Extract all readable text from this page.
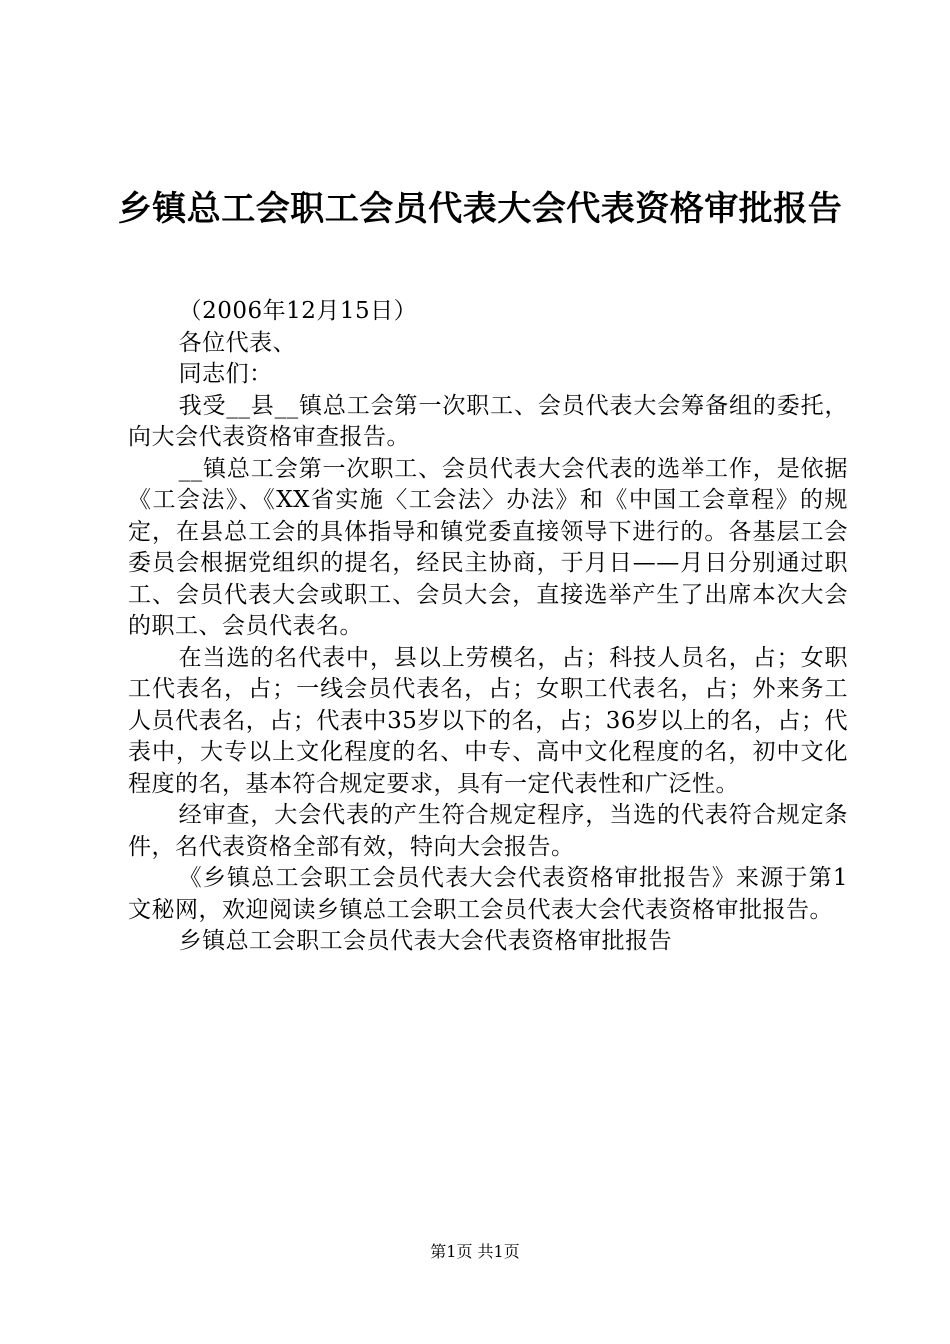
乡镇总工会职工会员代表大会代表资格审批报告

（2006年12月15日）

各位代表、

同志们：

我受__县__镇总工会第一次职工、会员代表大会筹备组的委托，向大会代表资格审查报告。

__镇总工会第一次职工、会员代表大会代表的选举工作，是依据《工会法》、《XX省实施〈工会法〉办法》和《中国工会章程》的规定，在县总工会的具体指导和镇党委直接领导下进行的。各基层工会委员会根据党组织的提名，经民主协商，于月日——月日分别通过职工、会员代表大会或职工、会员大会，直接选举产生了出席本次大会的职工、会员代表名。

在当选的名代表中，县以上劳模名，占；科技人员名，占；女职工代表名，占；一线会员代表名，占；女职工代表名，占；外来务工人员代表名，占；代表中35岁以下的名，占；36岁以上的名，占；代表中，大专以上文化程度的名、中专、高中文化程度的名，初中文化程度的名，基本符合规定要求，具有一定代表性和广泛性。

经审查，大会代表的产生符合规定程序，当选的代表符合规定条件，名代表资格全部有效，特向大会报告。

《乡镇总工会职工会员代表大会代表资格审批报告》来源于第1文秘网，欢迎阅读乡镇总工会职工会员代表大会代表资格审批报告。

乡镇总工会职工会员代表大会代表资格审批报告

第1页 共1页
